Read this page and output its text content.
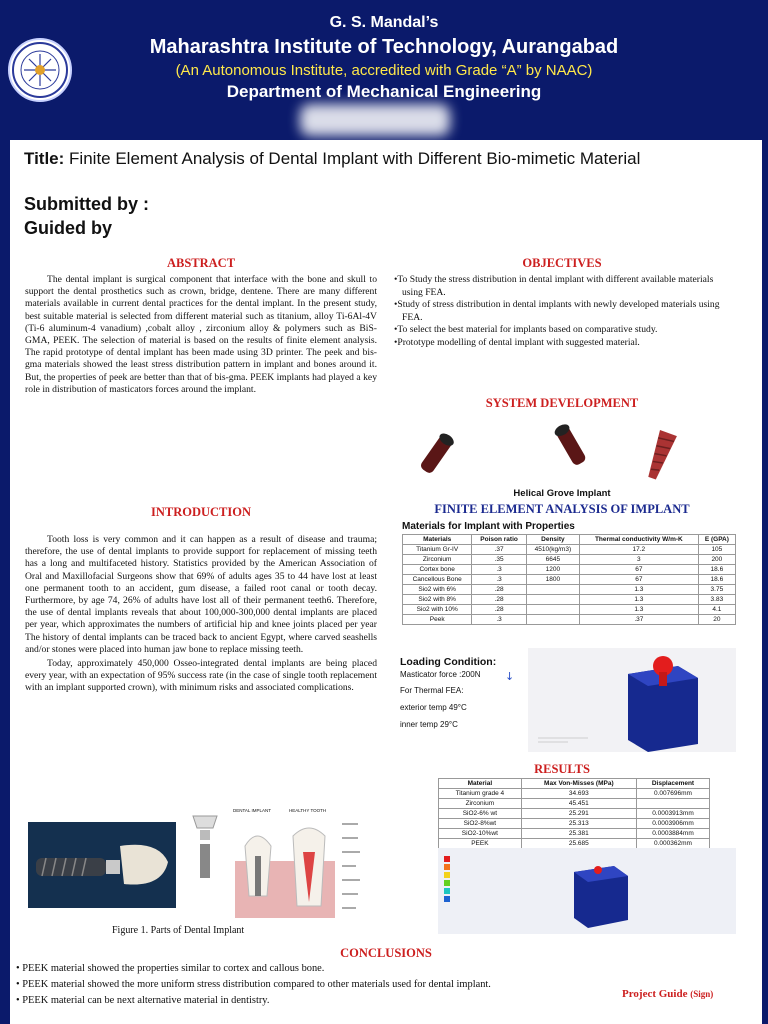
G. S. Mandal’s
Maharashtra Institute of Technology, Aurangabad
(An Autonomous Institute, accredited with Grade “A” by NAAC)
Department of Mechanical Engineering
Title: Finite Element Analysis of Dental Implant with Different Bio-mimetic Material
Submitted by :
Guided by
ABSTRACT

The dental implant is surgical component that interface with the bone and skull to support the dental prosthetics such as crown, bridge, dentene. There are many different materials available in current dental practices for the dental implant. In the present study, best suitable material is selected from different material such as titanium, alloy Ti-6Al-4V (Ti-6 aluminum-4 vanadium) ,cobalt alloy , zirconium alloy & polymers such as BiS-GMA, PEEK. The selection of material is based on the results of finite element analysis. The rapid prototype of dental implant has been made using 3D printer. The peek and bis-gma materials showed the least stress distribution pattern in implant and bones around it. But, the properties of peek are better than that of bis-gma. PEEK implants had played a key role in distribution of masticators forces around the implant.

INTRODUCTION

Tooth loss is very common and it can happen as a result of disease and trauma; therefore, the use of dental implants to provide support for replacement of missing teeth has a long and multifaceted history. Statistics provided by the American Association of Oral and Maxillofacial Surgeons show that 69% of adults ages 35 to 44 have lost at least one permanent tooth to an accident, gum disease, a failed root canal or tooth decay. Furthermore, by age 74, 26% of adults have lost all of their permanent teeth6. Therefore, the use of dental implants reveals that about 100,000-300,000 dental implants are placed per year, which approximates the numbers of artificial hip and knee joints placed per year The history of dental implants can be traced back to ancient Egypt, where carved seashells and/or stones were placed into human jaw bone to replace missing teeth.

Today, approximately 450,000 Osseo-integrated dental implants are being placed every year, with an expectation of 95% success rate (in the case of single tooth replacement with an implant supported crown), with minimum risks and associated complications.

DENTAL IMPLANT	HEALTHY TOOTH
Figure 1. Parts of Dental Implant
OBJECTIVES
• To Study the stress distribution in dental implant with different available materials using FEA.
• Study of stress distribution in dental implants with newly developed materials using FEA.
• To select the best material for implants based on comparative study.
• Prototype modelling of dental implant with suggested material.
SYSTEM DEVELOPMENT
Helical Grove Implant
FINITE ELEMENT ANALYSIS OF IMPLANT
Materials for Implant with Properties
Materials	Poison ratio	Density	Thermal conductivity W/m-K	E (GPA)
Titanium Gr-IV	.37	4510(kg/m3)	17.2	105
Zirconium	.35	6645	3	200
Cortex bone	.3	1200	67	18.6
Cancellous Bone	.3	1800	67	18.6
Sio2 with 6%	.28		1.3	3.75
Sio2 with 8%	.28		1.3	3.83
Sio2 with 10%	.28		1.3	4.1
Peek	.3		.37	20
Loading Condition:
Masticator force :200N ↓
For Thermal FEA:
exterior temp 49°C
inner temp 29°C
RESULTS
Material	Max Von-Misses (MPa)	Displacement
Titanium grade 4	34.693	0.007696mm
Zirconium	45.451	
SiO2-6% wt	25.291	0.0003913mm
SiO2-8%wt	25.313	0.0003906mm
SiO2-10%wt	25.381	0.0003884mm
PEEK	25.685	0.000362mm
CONCLUSIONS
• PEEK material showed the properties similar to cortex and callous bone.
• PEEK material showed the more uniform stress distribution compared to other materials used for dental implant.
• PEEK material can be next alternative material in dentistry.
Project Guide (Sign)
